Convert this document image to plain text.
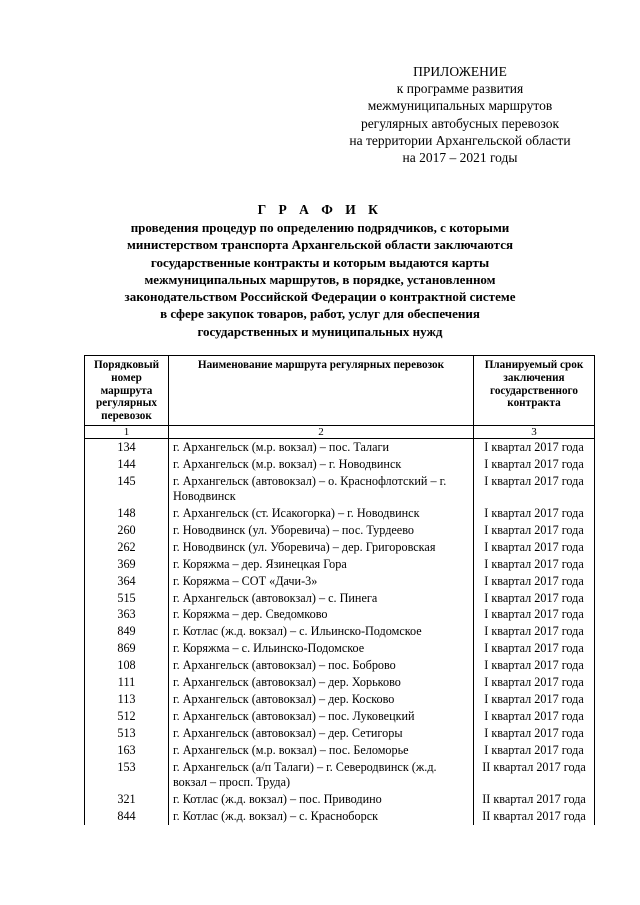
ПРИЛОЖЕНИЕ
к программе развития
межмуниципальных маршрутов
регулярных автобусных перевозок
на территории Архангельской области
на 2017 – 2021 годы
Г Р А Ф И К
проведения процедур по определению подрядчиков, с которыми
министерством транспорта Архангельской области заключаются
государственные контракты и которым выдаются карты
межмуниципальных маршрутов, в порядке, установленном
законодательством Российской Федерации о контрактной системе
в сфере закупок товаров, работ, услуг для обеспечения
государственных и муниципальных нужд
Порядковый номер маршрута регулярных перевозок	Наименование маршрута регулярных перевозок	Планируемый срок заключения государственного контракта
1	2	3
134	г. Архангельск (м.р. вокзал) – пос. Талаги	I квартал 2017 года
144	г. Архангельск (м.р. вокзал) – г. Новодвинск	I квартал 2017 года
145	г. Архангельск (автовокзал) – о. Краснофлотский – г. Новодвинск	I квартал 2017 года
148	г. Архангельск (ст. Исакогорка) – г. Новодвинск	I квартал 2017 года
260	г. Новодвинск (ул. Уборевича) – пос. Турдеево	I квартал 2017 года
262	г. Новодвинск (ул. Уборевича) – дер. Григоровская	I квартал 2017 года
369	г. Коряжма – дер. Язинецкая Гора	I квартал 2017 года
364	г. Коряжма – СОТ «Дачи-3»	I квартал 2017 года
515	г. Архангельск (автовокзал) – с. Пинега	I квартал 2017 года
363	г. Коряжма – дер. Сведомково	I квартал 2017 года
849	г. Котлас (ж.д. вокзал) – с. Ильинско-Подомское	I квартал 2017 года
869	г. Коряжма – с. Ильинско-Подомское	I квартал 2017 года
108	г. Архангельск (автовокзал) – пос. Боброво	I квартал 2017 года
111	г. Архангельск (автовокзал) – дер. Хорьково	I квартал 2017 года
113	г. Архангельск (автовокзал) – дер. Косково	I квартал 2017 года
512	г. Архангельск (автовокзал) – пос. Луковецкий	I квартал 2017 года
513	г. Архангельск (автовокзал) – дер. Сетигоры	I квартал 2017 года
163	г. Архангельск (м.р. вокзал) – пос. Беломорье	I квартал 2017 года
153	г. Архангельск (а/п Талаги) – г. Северодвинск (ж.д. вокзал – просп. Труда)	II квартал 2017 года
321	г. Котлас (ж.д. вокзал) – пос. Приводино	II квартал 2017 года
844	г. Котлас (ж.д. вокзал) – с. Красноборск	II квартал 2017 года
